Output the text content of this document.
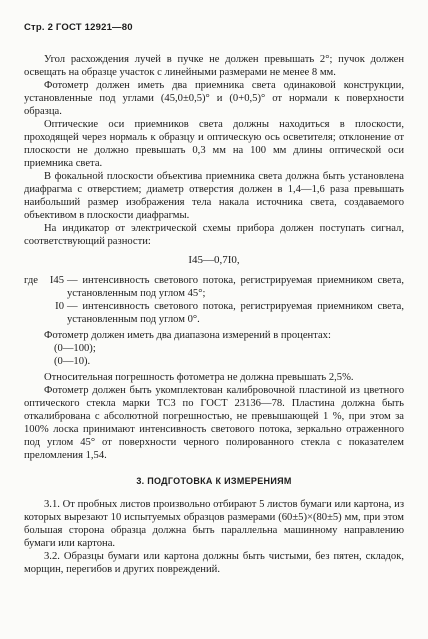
Стр. 2 ГОСТ 12921—80

Угол расхождения лучей в пучке не должен превышать 2°; пучок должен освещать на образце участок с линейными размерами не менее 8 мм.

Фотометр должен иметь два приемника света одинаковой конструкции, установленные под углами (45,0±0,5)° и (0+0,5)° от нормали к поверхности образца.

Оптические оси приемников света должны находиться в плоскости, проходящей через нормаль к образцу и оптическую ось осветителя; отклонение от плоскости не должно превышать 0,3 мм на 100 мм длины оптической оси приемника света.

В фокальной плоскости объектива приемника света должна быть установлена диафрагма с отверстием; диаметр отверстия должен в 1,4—1,6 раза превышать наибольший размер изображения тела накала источника света, создаваемого объективом в плоскости диафрагмы.

На индикатор от электрической схемы прибора должен поступать сигнал, соответствующий разности:

I45—0,7I0,
где	I45 — интенсивность светового потока, регистрируемая приемником света, установленным под углом 45°;
I0 — интенсивность светового потока, регистрируемая приемником света, установленным под углом 0°.

Фотометр должен иметь два диапазона измерений в процентах:

(0—100);
(0—10).

Относительная погрешность фотометра не должна превышать 2,5%.

Фотометр должен быть укомплектован калибровочной пластиной из цветного оптического стекла марки ТС3 по ГОСТ 23136—78. Пластина должна быть откалибрована с абсолютной погрешностью, не превышающей 1 %, при этом за 100% лоска принимают интенсивность светового потока, зеркально отраженного под углом 45° от поверхности черного полированного стекла с показателем преломления 1,54.

3. ПОДГОТОВКА К ИЗМЕРЕНИЯМ

3.1. От пробных листов произвольно отбирают 5 листов бумаги или картона, из которых вырезают 10 испытуемых образцов размерами (60±5)×(80±5) мм, при этом большая сторона образца должна быть параллельна машинному направлению бумаги или картона.

3.2. Образцы бумаги или картона должны быть чистыми, без пятен, складок, морщин, перегибов и других повреждений.
